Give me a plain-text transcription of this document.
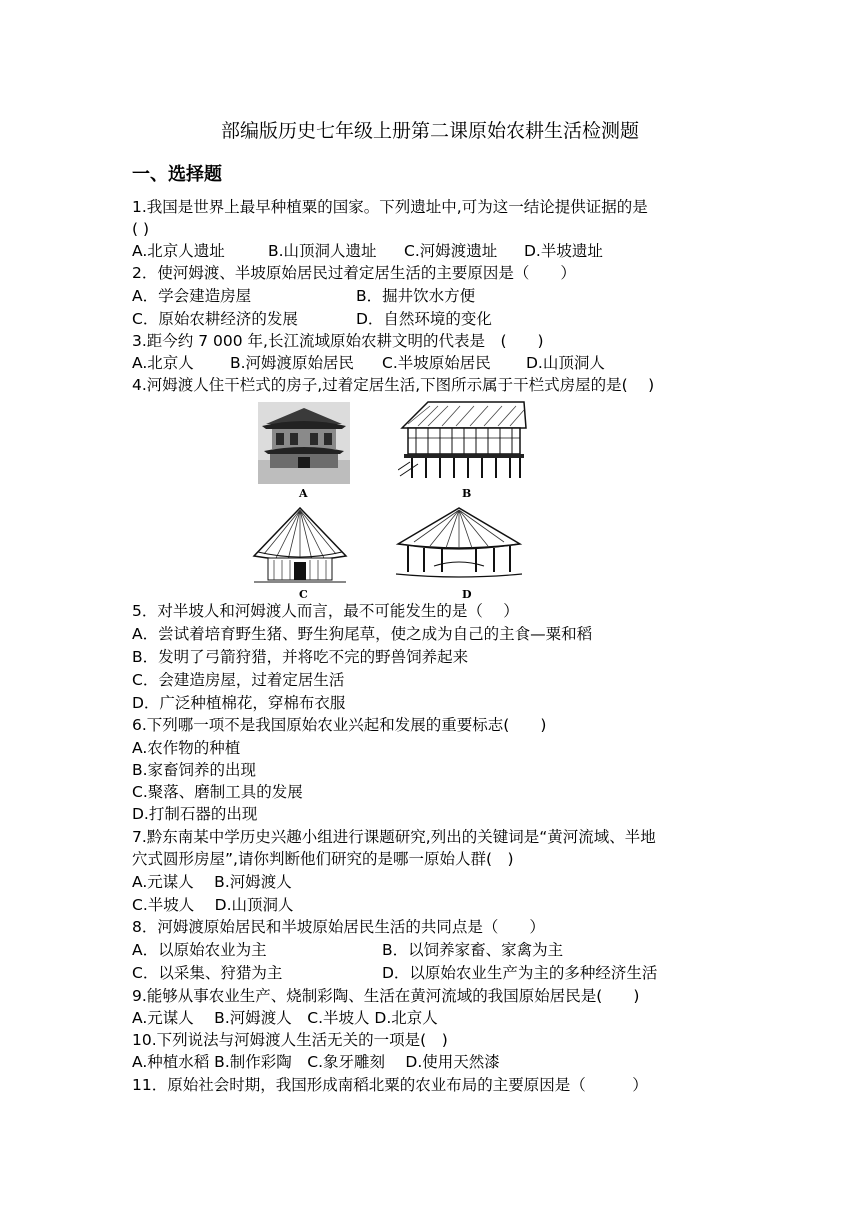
部编版历史七年级上册第二课原始农耕生活检测题
一、选择题
1.我国是世界上最早种植粟的国家。下列遗址中,可为这一结论提供证据的是
( )
A.北京人遗址	B.山顶洞人遗址 C.河姆渡遗址 D.半坡遗址
2．使河姆渡、半坡原始居民过着定居生活的主要原因是（　　）
A．学会建造房屋	B．掘井饮水方便
C．原始农耕经济的发展	D．自然环境的变化
3.距今约 7 000 年,长江流域原始农耕文明的代表是　(　　)
A.北京人 B.河姆渡原始居民 C.半坡原始居民 D.山顶洞人
4.河姆渡人住干栏式的房子,过着定居生活,下图所示属于干栏式房屋的是(　 )
A	B
C	D
5．对半坡人和河姆渡人而言，最不可能发生的是（　 ）
A．尝试着培育野生猪、野生狗尾草，使之成为自己的主食—粟和稻
B．发明了弓箭狩猎，并将吃不完的野兽饲养起来
C．会建造房屋，过着定居生活
D．广泛种植棉花，穿棉布衣服
6.下列哪一项不是我国原始农业兴起和发展的重要标志(　　)
A.农作物的种植
B.家畜饲养的出现
C.聚落、磨制工具的发展
D.打制石器的出现
7.黔东南某中学历史兴趣小组进行课题研究,列出的关键词是“黄河流域、半地
穴式圆形房屋”,请你判断他们研究的是哪一原始人群(　)
A.元谋人　 B.河姆渡人
C.半坡人　 D.山顶洞人
8．河姆渡原始居民和半坡原始居民生活的共同点是（　　）
A．以原始农业为主	B．以饲养家畜、家禽为主
C．以采集、狩猎为主	D．以原始农业生产为主的多种经济生活
9.能够从事农业生产、烧制彩陶、生活在黄河流域的我国原始居民是(　　)
A.元谋人　 B.河姆渡人　C.半坡人 D.北京人
10.下列说法与河姆渡人生活无关的一项是(　)
A.种植水稻 B.制作彩陶　C.象牙雕刻　 D.使用天然漆
11．原始社会时期，我国形成南稻北粟的农业布局的主要原因是（　　　）
